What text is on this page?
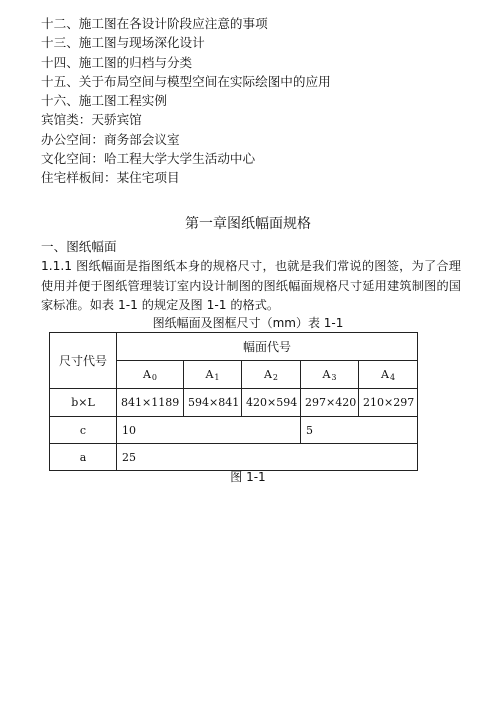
十二、施工图在各设计阶段应注意的事项
十三、施工图与现场深化设计
十四、施工图的归档与分类
十五、关于布局空间与模型空间在实际绘图中的应用
十六、施工图工程实例
宾馆类：天骄宾馆
办公空间：商务部会议室
文化空间：哈工程大学大学生活动中心
住宅样板间：某住宅项目
第一章图纸幅面规格
一、图纸幅面
1.1.1 图纸幅面是指图纸本身的规格尺寸，也就是我们常说的图签，为了合理使用并便于图纸管理装订室内设计制图的图纸幅面规格尺寸延用建筑制图的国家标准。如表 1-1 的规定及图 1-1 的格式。
图纸幅面及图框尺寸（mm）表 1-1
尺寸代号	幅面代号				
	$A_0$	$A_1$	$A_2$	$A_3$	$A_4$
b×L	841×1189	594×841	420×594	297×420	210×297
c	10			5	
a	25				
图 1-1
